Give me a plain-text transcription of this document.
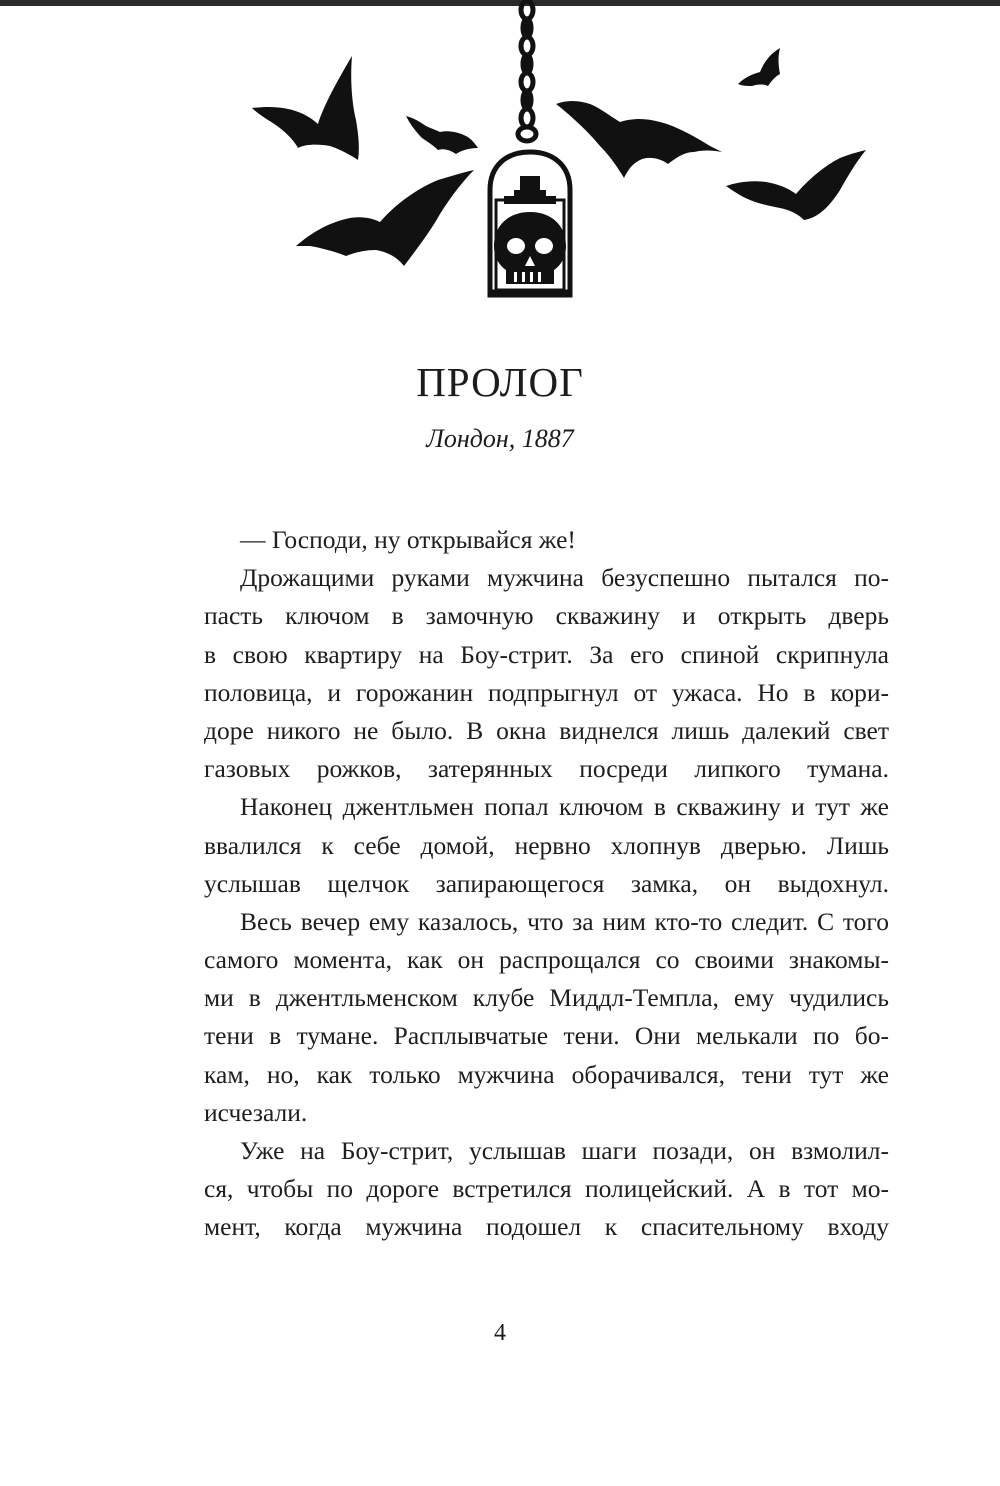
ПРОЛОГ
Лондон, 1887
— Господи, ну открывайся же!
Дрожащими руками мужчина безуспешно пытался по-
пасть ключом в замочную скважину и открыть дверь
в свою квартиру на Боу-стрит. За его спиной скрипнула
половица, и горожанин подпрыгнул от ужаса. Но в кори-
доре никого не было. В окна виднелся лишь далекий свет
газовых рожков, затерянных посреди липкого тумана.
Наконец джентльмен попал ключом в скважину и тут же
ввалился к себе домой, нервно хлопнув дверью. Лишь
услышав щелчок запирающегося замка, он выдохнул.
Весь вечер ему казалось, что за ним кто-то следит. С того
самого момента, как он распрощался со своими знакомы-
ми в джентльменском клубе Миддл-Темпла, ему чудились
тени в тумане. Расплывчатые тени. Они мелькали по бо-
кам, но, как только мужчина оборачивался, тени тут же
исчезали.
Уже на Боу-стрит, услышав шаги позади, он взмолил-
ся, чтобы по дороге встретился полицейский. А в тот мо-
мент, когда мужчина подошел к спасительному входу
4
